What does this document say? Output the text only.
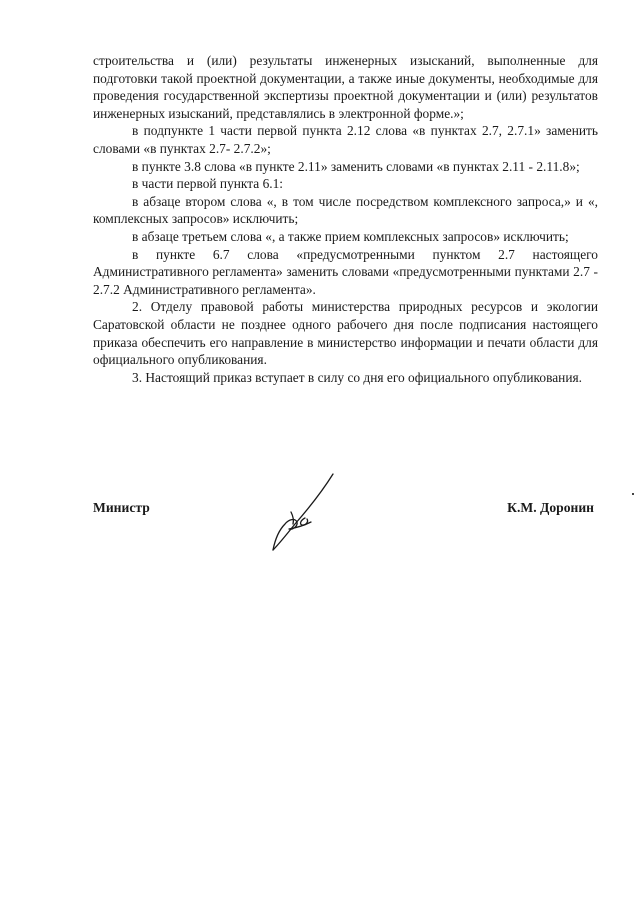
строительства и (или) результаты инженерных изысканий, выполненные для подготовки такой проектной документации, а также иные документы, необходимые для проведения государственной экспертизы проектной документации и (или) результатов инженерных изысканий, представлялись в электронной форме.»;

в подпункте 1 части первой пункта 2.12 слова «в пунктах 2.7, 2.7.1» заменить словами «в пунктах 2.7- 2.7.2»;

в пункте 3.8 слова «в пункте 2.11» заменить словами «в пунктах 2.11 - 2.11.8»;

в части первой пункта 6.1:

в абзаце втором слова «, в том числе посредством комплексного запроса,» и «, комплексных запросов» исключить;

в абзаце третьем слова «, а также прием комплексных запросов» исключить;

в пункте 6.7 слова «предусмотренными пунктом 2.7 настоящего Административного регламента» заменить словами «предусмотренными пунктами 2.7 - 2.7.2 Административного регламента».

2. Отделу правовой работы министерства природных ресурсов и экологии Саратовской области не позднее одного рабочего дня после подписания настоящего приказа обеспечить его направление в министерство информации и печати области для официального опубликования.

3. Настоящий приказ вступает в силу со дня его официального опубликования.

Министр	К.М. Доронин
